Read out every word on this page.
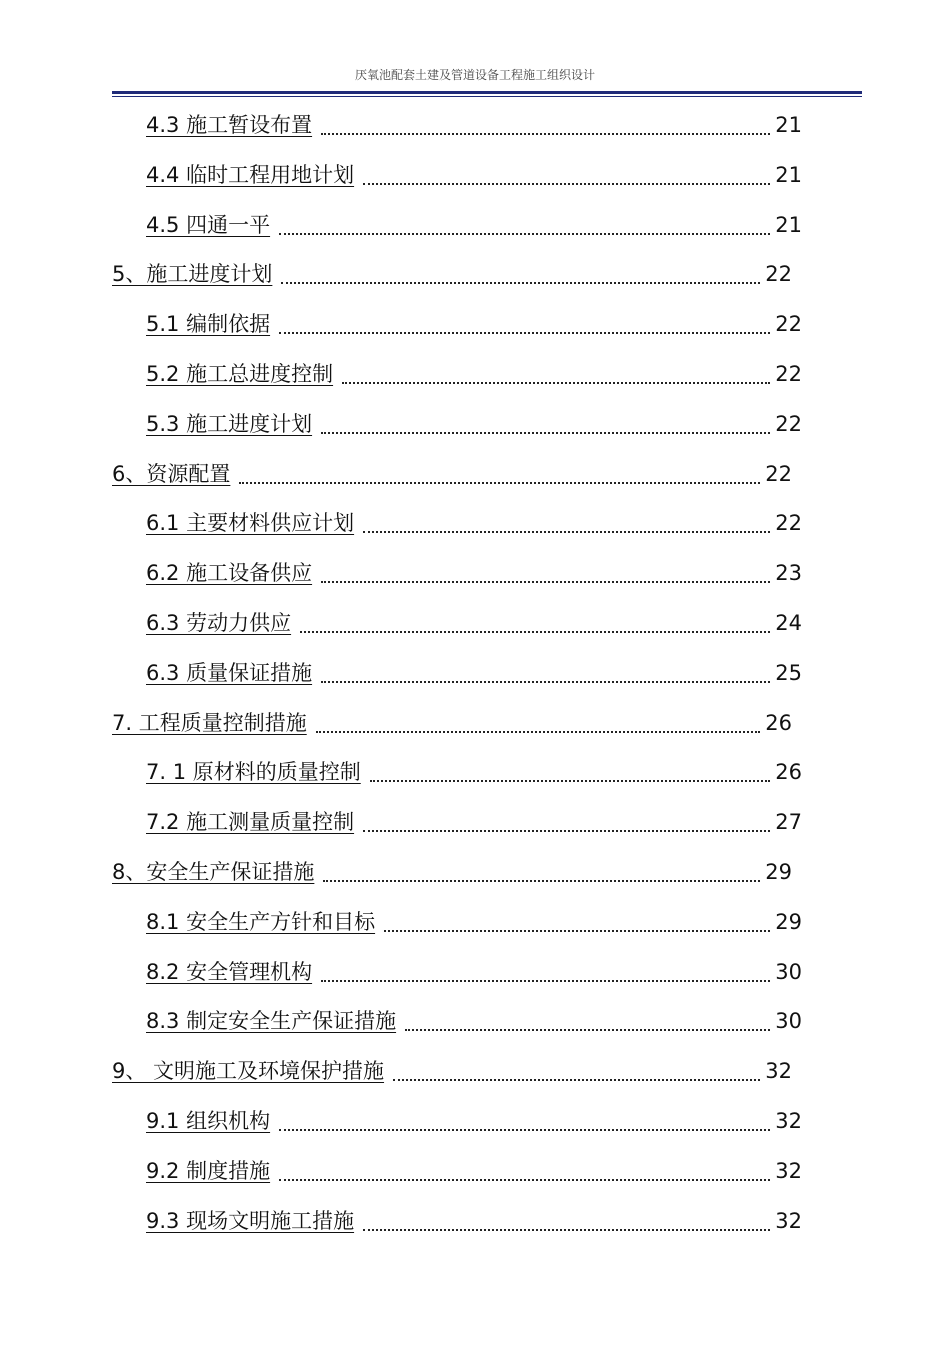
厌氧池配套土建及管道设备工程施工组织设计
4.3 施工暂设布置	21
4.4 临时工程用地计划	21
4.5 四通一平	21
5、施工进度计划	22
5.1 编制依据	22
5.2 施工总进度控制	22
5.3 施工进度计划	22
6、资源配置	22
6.1 主要材料供应计划	22
6.2 施工设备供应	23
6.3 劳动力供应	24
6.3 质量保证措施	25
7. 工程质量控制措施	26
7. 1 原材料的质量控制	26
7.2 施工测量质量控制	27
8、安全生产保证措施	29
8.1 安全生产方针和目标	29
8.2 安全管理机构	30
8.3 制定安全生产保证措施	30
9、 文明施工及环境保护措施	32
9.1 组织机构	32
9.2 制度措施	32
9.3 现场文明施工措施	32
